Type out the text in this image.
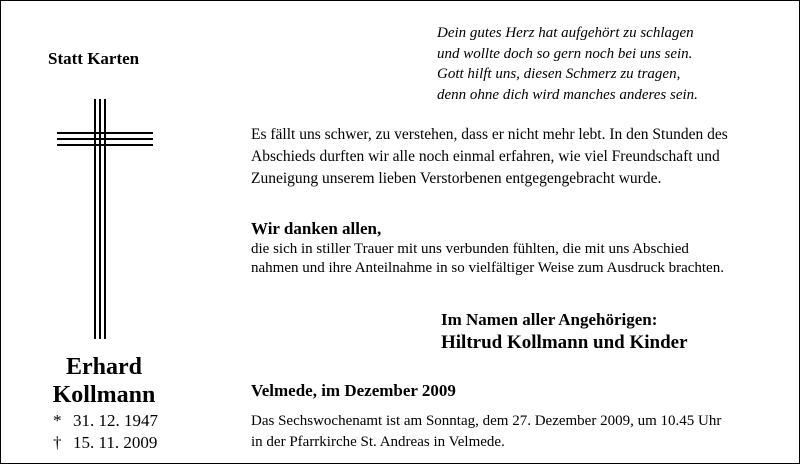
Statt Karten
Erhard
Kollmann
* 31. 12. 1947
† 15. 11. 2009
Dein gutes Herz hat aufgehört zu schlagen
und wollte doch so gern noch bei uns sein.
Gott hilft uns, diesen Schmerz zu tragen,
denn ohne dich wird manches anderes sein.
Es fällt uns schwer, zu verstehen, dass er nicht mehr lebt. In den Stunden des
Abschieds durften wir alle noch einmal erfahren, wie viel Freundschaft und
Zuneigung unserem lieben Verstorbenen entgegengebracht wurde.
Wir danken allen,
die sich in stiller Trauer mit uns verbunden fühlten, die mit uns Abschied
nahmen und ihre Anteilnahme in so vielfältiger Weise zum Ausdruck brachten.
Im Namen aller Angehörigen:
Hiltrud Kollmann und Kinder
Velmede, im Dezember 2009
Das Sechswochenamt ist am Sonntag, dem 27. Dezember 2009, um 10.45 Uhr
in der Pfarrkirche St. Andreas in Velmede.
